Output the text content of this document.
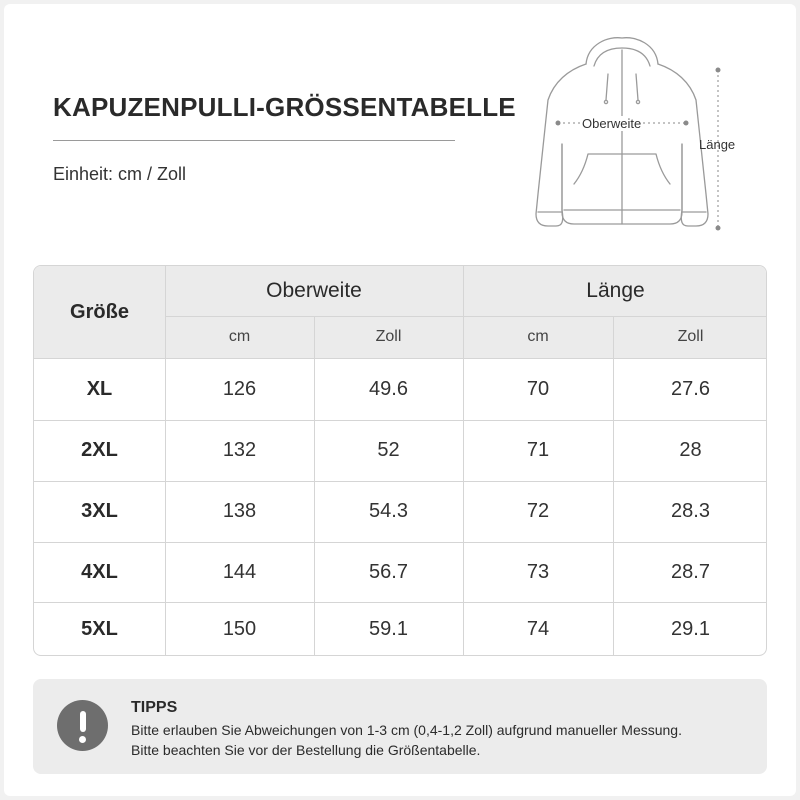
KAPUZENPULLI-GRÖSSENTABELLE
Einheit: cm / Zoll
Oberweite
Länge
Größe
Oberweite	Länge
cm	Zoll	cm	Zoll
XL	126	49.6	70	27.6
2XL	132	52	71	28
3XL	138	54.3	72	28.3
4XL	144	56.7	73	28.7
5XL	150	59.1	74	29.1
TIPPS
Bitte erlauben Sie Abweichungen von 1-3 cm (0,4-1,2 Zoll) aufgrund manueller Messung.
Bitte beachten Sie vor der Bestellung die Größentabelle.
